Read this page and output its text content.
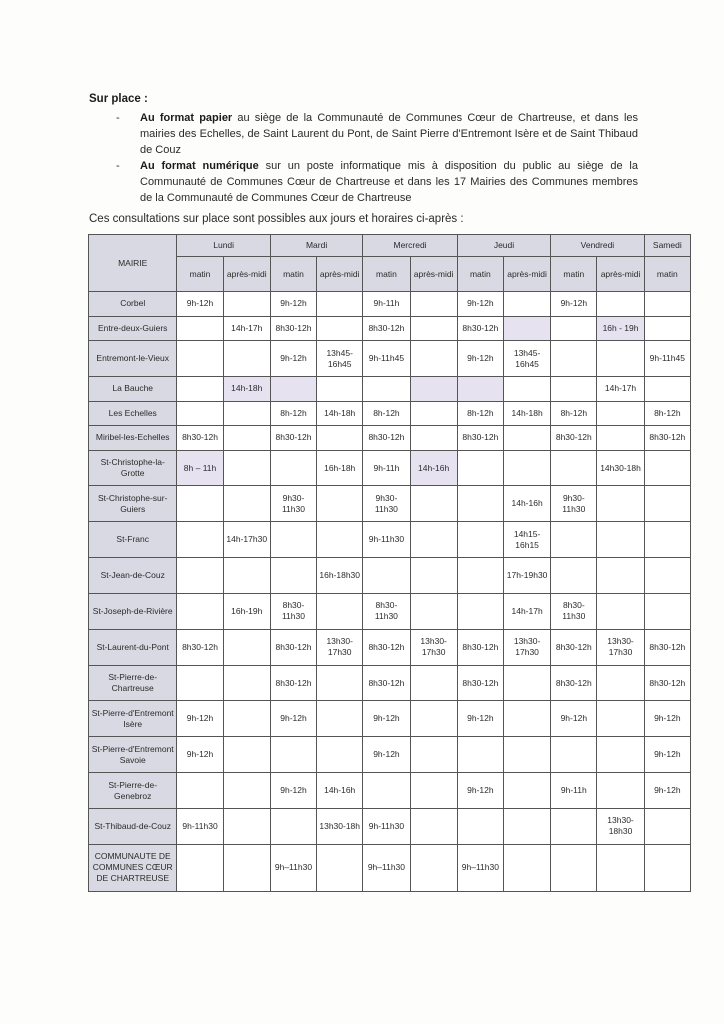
Sur place :
- Au format papier au siège de la Communauté de Communes Cœur de Chartreuse, et dans les mairies des Echelles, de Saint Laurent du Pont, de Saint Pierre d'Entremont Isère et de Saint Thibaud de Couz
- Au format numérique sur un poste informatique mis à disposition du public au siège de la Communauté de Communes Cœur de Chartreuse et dans les 17 Mairies des Communes membres de la Communauté de Communes Cœur de Chartreuse
Ces consultations sur place sont possibles aux jours et horaires ci-après :
MAIRIE	Lundi		Mardi		Mercredi		Jeudi		Vendredi		Samedi
	matin	après-midi	matin	après-midi	matin	après-midi	matin	après-midi	matin	après-midi	matin
Corbel	9h-12h		9h-12h		9h-11h		9h-12h		9h-12h		
Entre-deux-Guiers		14h-17h	8h30-12h		8h30-12h		8h30-12h			16h - 19h	
Entremont-le-Vieux			9h-12h	13h45-16h45	9h-11h45		9h-12h	13h45-16h45			9h-11h45
La Bauche		14h-18h								14h-17h	
Les Echelles			8h-12h	14h-18h	8h-12h		8h-12h	14h-18h	8h-12h		8h-12h
Miribel-les-Echelles	8h30-12h		8h30-12h		8h30-12h		8h30-12h		8h30-12h		8h30-12h
St-Christophe-la-Grotte	8h – 11h			16h-18h	9h-11h	14h-16h				14h30-18h	
St-Christophe-sur-Guiers			9h30-11h30		9h30-11h30			14h-16h	9h30-11h30		
St-Franc		14h-17h30			9h-11h30			14h15-16h15			
St-Jean-de-Couz				16h-18h30				17h-19h30			
St-Joseph-de-Rivière		16h-19h	8h30-11h30		8h30-11h30			14h-17h	8h30-11h30		
St-Laurent-du-Pont	8h30-12h		8h30-12h	13h30-17h30	8h30-12h	13h30-17h30	8h30-12h	13h30-17h30	8h30-12h	13h30-17h30	8h30-12h
St-Pierre-de-Chartreuse			8h30-12h		8h30-12h		8h30-12h		8h30-12h		8h30-12h
St-Pierre-d'Entremont Isère	9h-12h		9h-12h		9h-12h		9h-12h		9h-12h		9h-12h
St-Pierre-d'Entremont Savoie	9h-12h				9h-12h						9h-12h
St-Pierre-de-Genebroz			9h-12h	14h-16h			9h-12h		9h-11h		9h-12h
St-Thibaud-de-Couz	9h-11h30			13h30-18h	9h-11h30					13h30-18h30	
COMMUNAUTE DE COMMUNES CŒUR DE CHARTREUSE			9h–11h30		9h–11h30		9h–11h30				
